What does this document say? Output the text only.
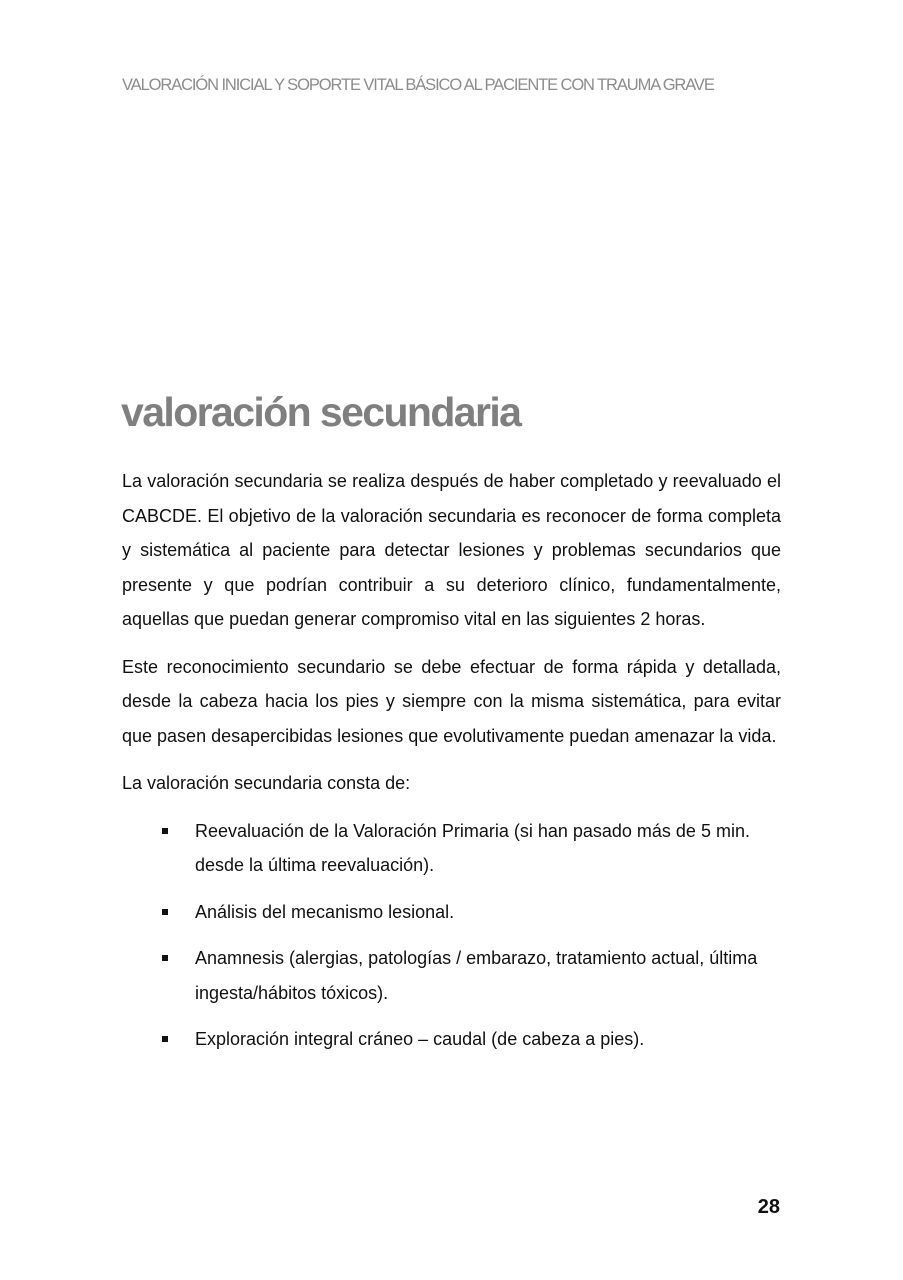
VALORACIÓN INICIAL Y SOPORTE VITAL BÁSICO AL PACIENTE CON TRAUMA GRAVE
valoración secundaria

La valoración secundaria se realiza después de haber completado y reevaluado el CABCDE. El objetivo de la valoración secundaria es reconocer de forma completa y sistemática al paciente para detectar lesiones y problemas secundarios que presente y que podrían contribuir a su deterioro clínico, fundamentalmente, aquellas que puedan generar compromiso vital en las siguientes 2 horas.

Este reconocimiento secundario se debe efectuar de forma rápida y detallada, desde la cabeza hacia los pies y siempre con la misma sistemática, para evitar que pasen desapercibidas lesiones que evolutivamente puedan amenazar la vida.

La valoración secundaria consta de:

Reevaluación de la Valoración Primaria (si han pasado más de 5 min. desde la última reevaluación).
Análisis del mecanismo lesional.
Anamnesis (alergias, patologías / embarazo, tratamiento actual, última ingesta/hábitos tóxicos).
Exploración integral cráneo – caudal (de cabeza a pies).
28
